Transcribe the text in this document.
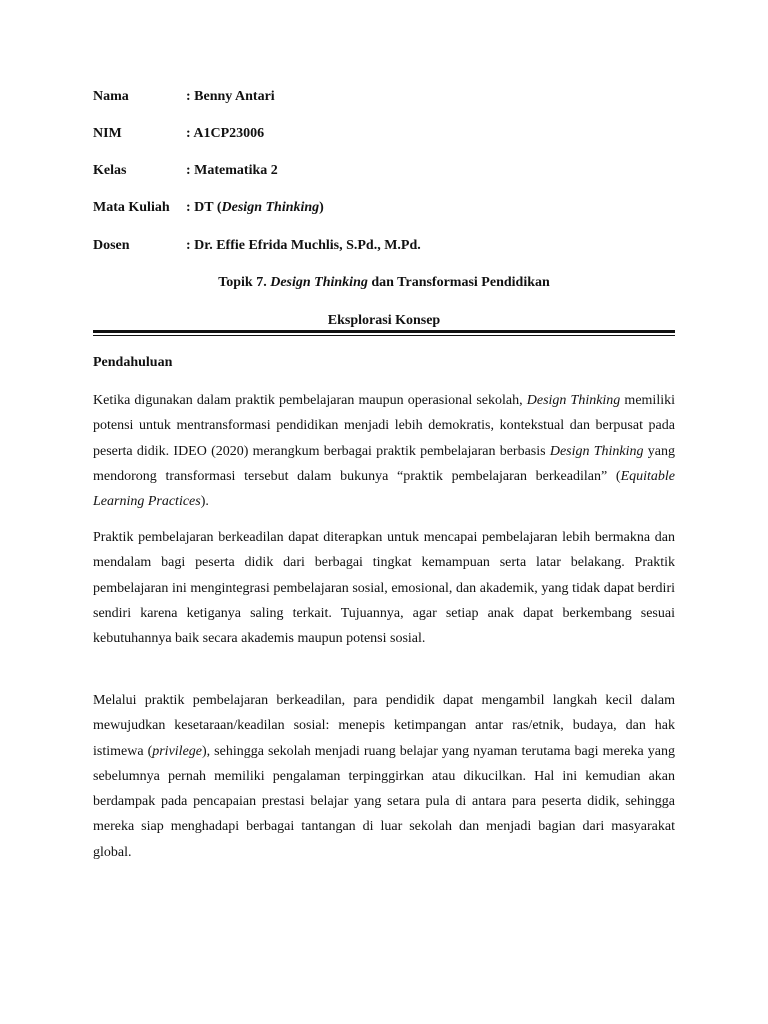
Nama	: Benny Antari
NIM	: A1CP23006
Kelas	: Matematika 2
Mata Kuliah : DT (Design Thinking)
Dosen	: Dr. Effie Efrida Muchlis, S.Pd., M.Pd.
Topik 7. Design Thinking dan Transformasi Pendidikan
Eksplorasi Konsep
Pendahuluan

Ketika digunakan dalam praktik pembelajaran maupun operasional sekolah, Design Thinking memiliki potensi untuk mentransformasi pendidikan menjadi lebih demokratis, kontekstual dan berpusat pada peserta didik. IDEO (2020) merangkum berbagai praktik pembelajaran berbasis Design Thinking yang mendorong transformasi tersebut dalam bukunya “praktik pembelajaran berkeadilan” (Equitable Learning Practices).

Praktik pembelajaran berkeadilan dapat diterapkan untuk mencapai pembelajaran lebih bermakna dan mendalam bagi peserta didik dari berbagai tingkat kemampuan serta latar belakang. Praktik pembelajaran ini mengintegrasi pembelajaran sosial, emosional, dan akademik, yang tidak dapat berdiri sendiri karena ketiganya saling terkait. Tujuannya, agar setiap anak dapat berkembang sesuai kebutuhannya baik secara akademis maupun potensi sosial.

Melalui praktik pembelajaran berkeadilan, para pendidik dapat mengambil langkah kecil dalam mewujudkan kesetaraan/keadilan sosial: menepis ketimpangan antar ras/etnik, budaya, dan hak istimewa (privilege), sehingga sekolah menjadi ruang belajar yang nyaman terutama bagi mereka yang sebelumnya pernah memiliki pengalaman terpinggirkan atau dikucilkan. Hal ini kemudian akan berdampak pada pencapaian prestasi belajar yang setara pula di antara para peserta didik, sehingga mereka siap menghadapi berbagai tantangan di luar sekolah dan menjadi bagian dari masyarakat global.
